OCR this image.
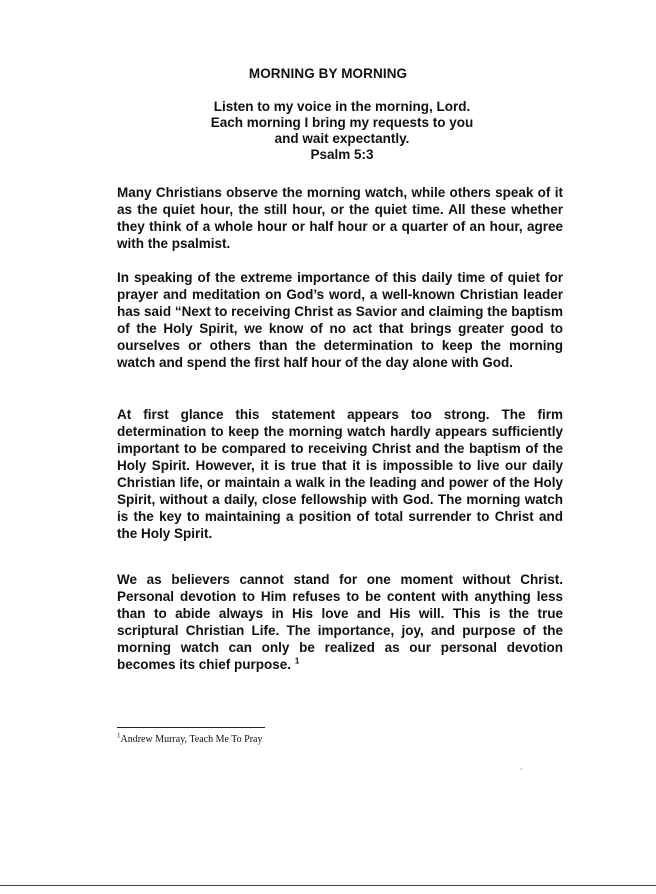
MORNING BY MORNING
Listen to my voice in the morning, Lord.
Each morning I bring my requests to you
and wait expectantly.
Psalm 5:3

Many Christians observe the morning watch, while others speak of it as the quiet hour, the still hour, or the quiet time. All these whether they think of a whole hour or half hour or a quarter of an hour, agree with the psalmist.

In speaking of the extreme importance of this daily time of quiet for prayer and meditation on God’s word, a well-known Christian leader has said “Next to receiving Christ as Savior and claiming the baptism of the Holy Spirit, we know of no act that brings greater good to ourselves or others than the determination to keep the morning watch and spend the first half hour of the day alone with God.

At first glance this statement appears too strong. The firm determination to keep the morning watch hardly appears sufficiently important to be compared to receiving Christ and the baptism of the Holy Spirit. However, it is true that it is impossible to live our daily Christian life, or maintain a walk in the leading and power of the Holy Spirit, without a daily, close fellowship with God. The morning watch is the key to maintaining a position of total surrender to Christ and the Holy Spirit.

We as believers cannot stand for one moment without Christ. Personal devotion to Him refuses to be content with anything less than to abide always in His love and His will. This is the true scriptural Christian Life. The importance, joy, and purpose of the morning watch can only be realized as our personal devotion becomes its chief purpose. $^1$

$^1$Andrew Murray, Teach Me To Pray
